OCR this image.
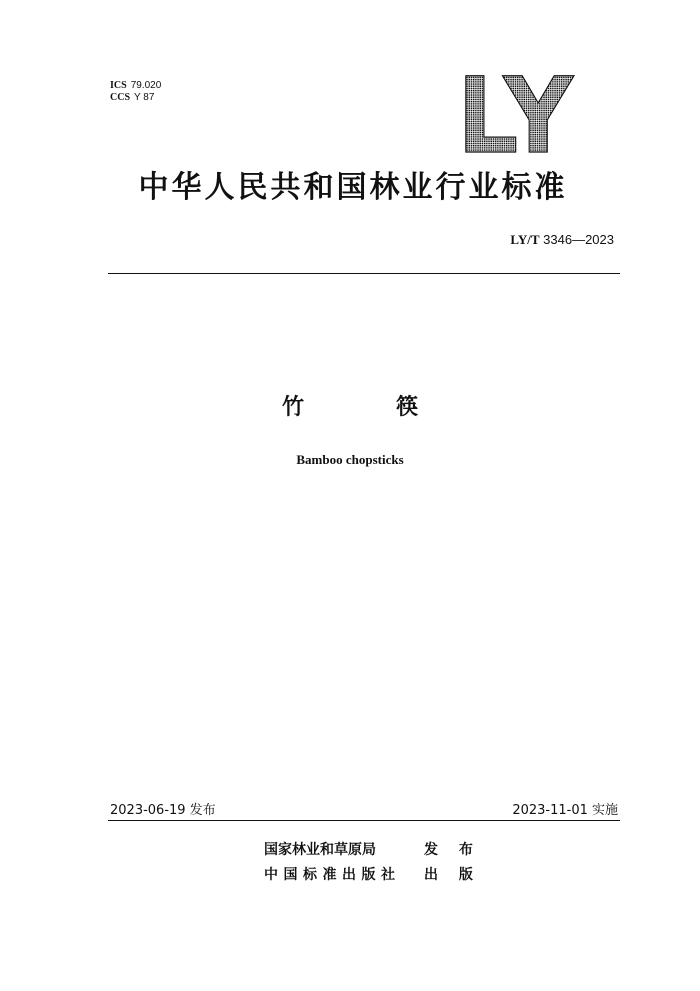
ICS 79.020
CCS Y 87	LY
中华人民共和国林业行业标准
LY/T 3346—2023
竹	筷
Bamboo chopsticks
2023-06-19 发布	2023-11-01 实施
国家林业和草原局	发 布
中国标准出版社	出 版
